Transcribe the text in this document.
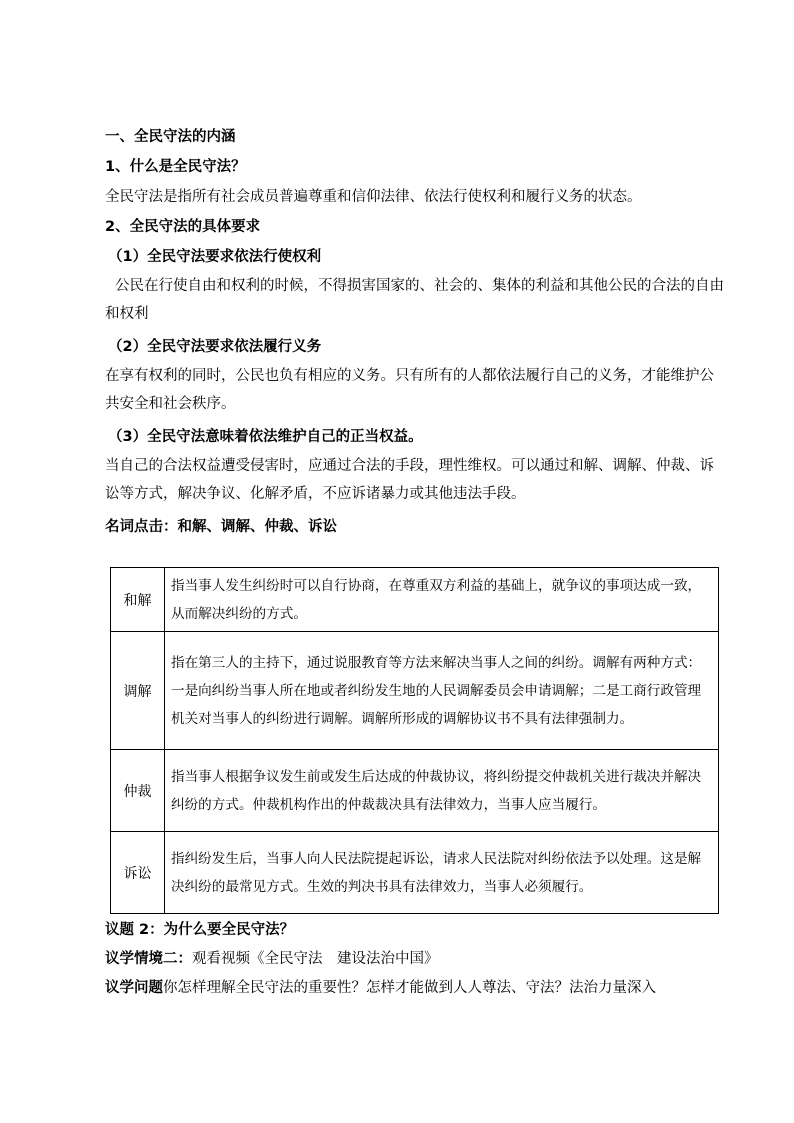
一、全民守法的内涵
1、什么是全民守法？
全民守法是指所有社会成员普遍尊重和信仰法律、依法行使权利和履行义务的状态。
2、全民守法的具体要求
（1）全民守法要求依法行使权利
公民在行使自由和权利的时候，不得损害国家的、社会的、集体的利益和其他公民的合法的自由和权利
（2）全民守法要求依法履行义务
在享有权利的同时，公民也负有相应的义务。只有所有的人都依法履行自己的义务，才能维护公共安全和社会秩序。
（3）全民守法意味着依法维护自己的正当权益。
当自己的合法权益遭受侵害时，应通过合法的手段，理性维权。可以通过和解、调解、仲裁、诉讼等方式，解决争议、化解矛盾，不应诉诸暴力或其他违法手段。
名词点击：和解、调解、仲裁、诉讼
和解	指当事人发生纠纷时可以自行协商，在尊重双方利益的基础上，就争议的事项达成一致，从而解决纠纷的方式。
调解	指在第三人的主持下，通过说服教育等方法来解决当事人之间的纠纷。调解有两种方式：一是向纠纷当事人所在地或者纠纷发生地的人民调解委员会申请调解；二是工商行政管理机关对当事人的纠纷进行调解。调解所形成的调解协议书不具有法律强制力。
仲裁	指当事人根据争议发生前或发生后达成的仲裁协议，将纠纷提交仲裁机关进行裁决并解决纠纷的方式。仲裁机构作出的仲裁裁决具有法律效力，当事人应当履行。
诉讼	指纠纷发生后，当事人向人民法院提起诉讼，请求人民法院对纠纷依法予以处理。这是解决纠纷的最常见方式。生效的判决书具有法律效力，当事人必须履行。
议题 2：为什么要全民守法？
议学情境二：观看视频《全民守法　建设法治中国》
议学问题你怎样理解全民守法的重要性？怎样才能做到人人尊法、守法？法治力量深入
